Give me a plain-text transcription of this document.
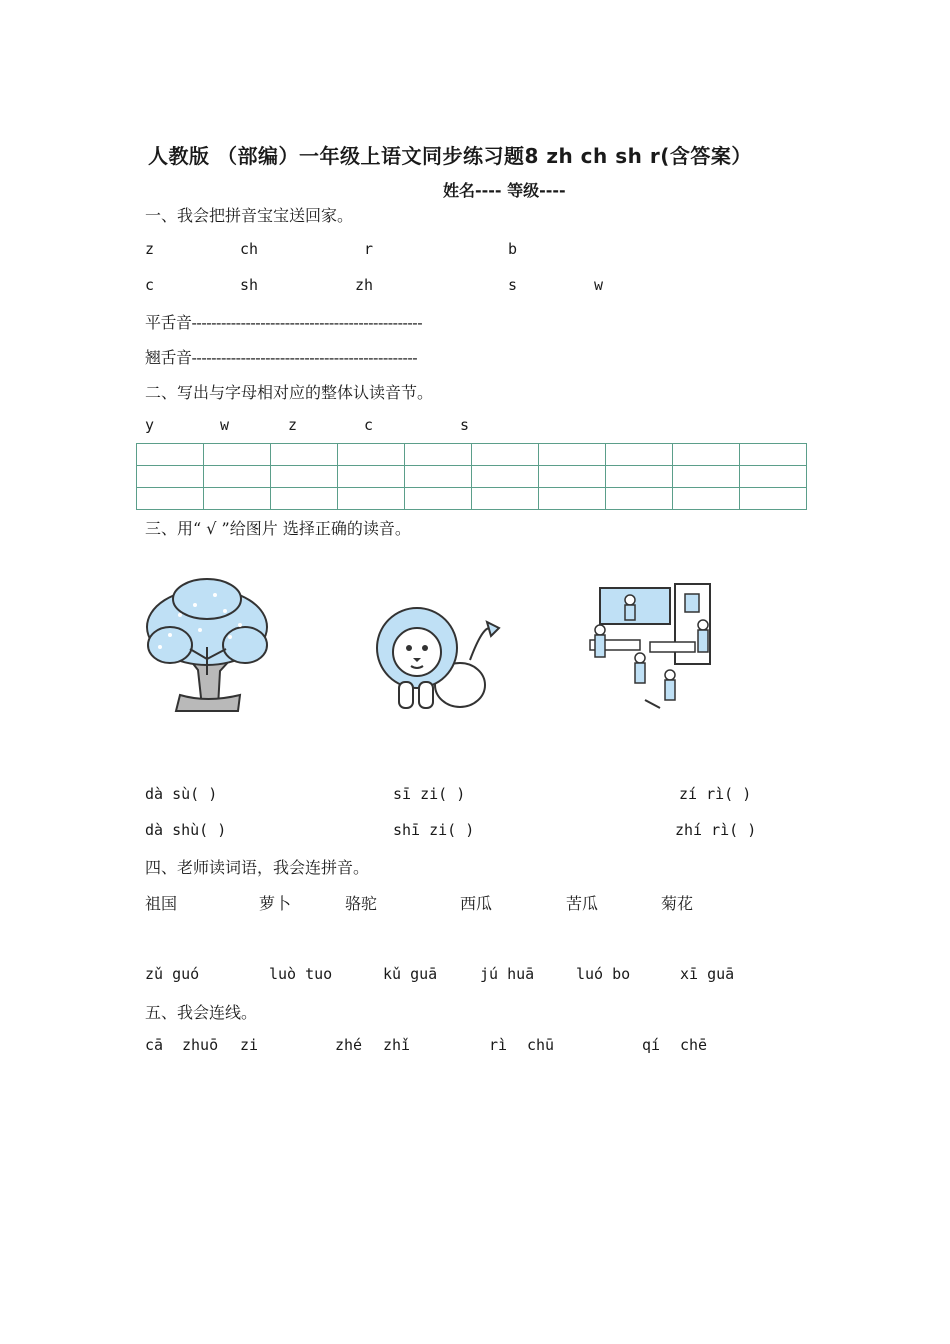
人教版 （部编）一年级上语文同步练习题8 zh ch sh r(含答案）
姓名---- 等级----
一、我会把拼音宝宝送回家。
z	ch	r	b
c	sh	zh	s	w
平舌音-----------------------------------------------
翘舌音----------------------------------------------
二、写出与字母相对应的整体认读音节。
y	w	z	c	s

三、用“ √ ”给图片 选择正确的读音。
dà sù( )
dà shù( )
sī zi( )
shī zi( )
zí rì( )
zhí rì( )
四、老师读词语，我会连拼音。
祖国	萝卜	骆驼	西瓜	苦瓜	菊花
zǔ guó	luò tuo	kǔ guā	jú huā	luó bo	xī guā
五、我会连线。
cā zhuō zi	zhé zhǐ	rì chū	qí chē
